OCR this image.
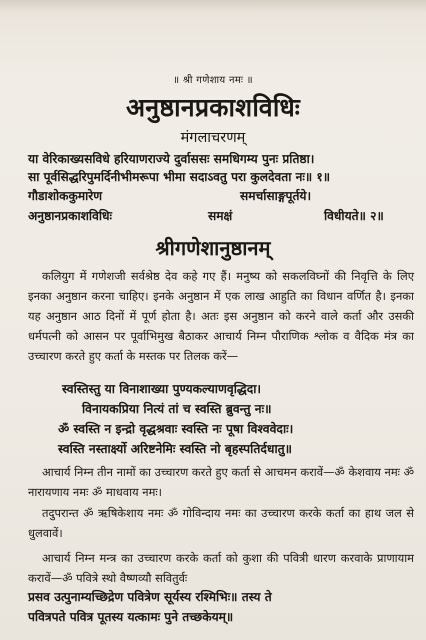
॥ श्री गणेशाय नमः ॥
अनुष्ठानप्रकाशविधिः
मंगलाचरणम्
या वेरिकाख्यसविधे हरियाणराज्ये दुर्वाससः समधिगम्य पुनः प्रतिष्ठा।
सा पूर्वसिद्धरिपुमर्दिनीभीमरूपा भीमा सदाऽवतु परा कुलदेवता नः॥ १॥
गौडाशोककुमारेण	समर्चासाङ्गपूर्तये।
अनुष्ठानप्रकाशविधिः	समक्षं	विधीयते॥ २॥
श्रीगणेशानुष्ठानम्
कलियुग में गणेशजी सर्वश्रेष्ठ देव कहे गए हैं। मनुष्य को सकलविघ्नों की निवृत्ति के लिए इनका अनुष्ठान करना चाहिए। इनके अनुष्ठान में एक लाख आहुति का विधान वर्णित है। इनका यह अनुष्ठान आठ दिनों में पूर्ण होता है। अतः इस अनुष्ठान को करने वाले कर्ता और उसकी धर्मपत्नी को आसन पर पूर्वाभिमुख बैठाकर आचार्य निम्न पौराणिक श्लोक व वैदिक मंत्र का उच्चारण करते हुए कर्ता के मस्तक पर तिलक करें—
स्वस्तिस्तु या विनाशाख्या पुण्यकल्याणवृद्धिदा।
विनायकप्रिया नित्यं तां च स्वस्ति ब्रुवन्तु नः॥
ॐ स्वस्ति न इन्द्रो वृद्धश्रवाः स्वस्ति नः पूषा विश्ववेदाः।
स्वस्ति नस्तार्क्ष्यो अरिष्टनेमिः स्वस्ति नो बृहस्पतिर्दधातु॥
आचार्य निम्न तीन नामों का उच्चारण करते हुए कर्ता से आचमन करावें—ॐ केशवाय नमः ॐ नारायणाय नमः ॐ माधवाय नमः।
तदुपरान्त ॐ ऋषिकेशाय नमः ॐ गोविन्दाय नमः का उच्चारण करके कर्ता का हाथ जल से धुलवावें।
आचार्य निम्न मन्त्र का उच्चारण करके कर्ता को कुशा की पवित्री धारण करवाके प्राणायाम करावें—ॐ पवित्रे स्थो वैष्णव्यौ सवितुर्वः
प्रसव उत्पुनाम्यच्छिद्रेण पवित्रेण सूर्यस्य रश्मिभिः॥ तस्य ते
पवित्रपते पवित्र पूतस्य यत्कामः पुने तच्छकेयम्॥
